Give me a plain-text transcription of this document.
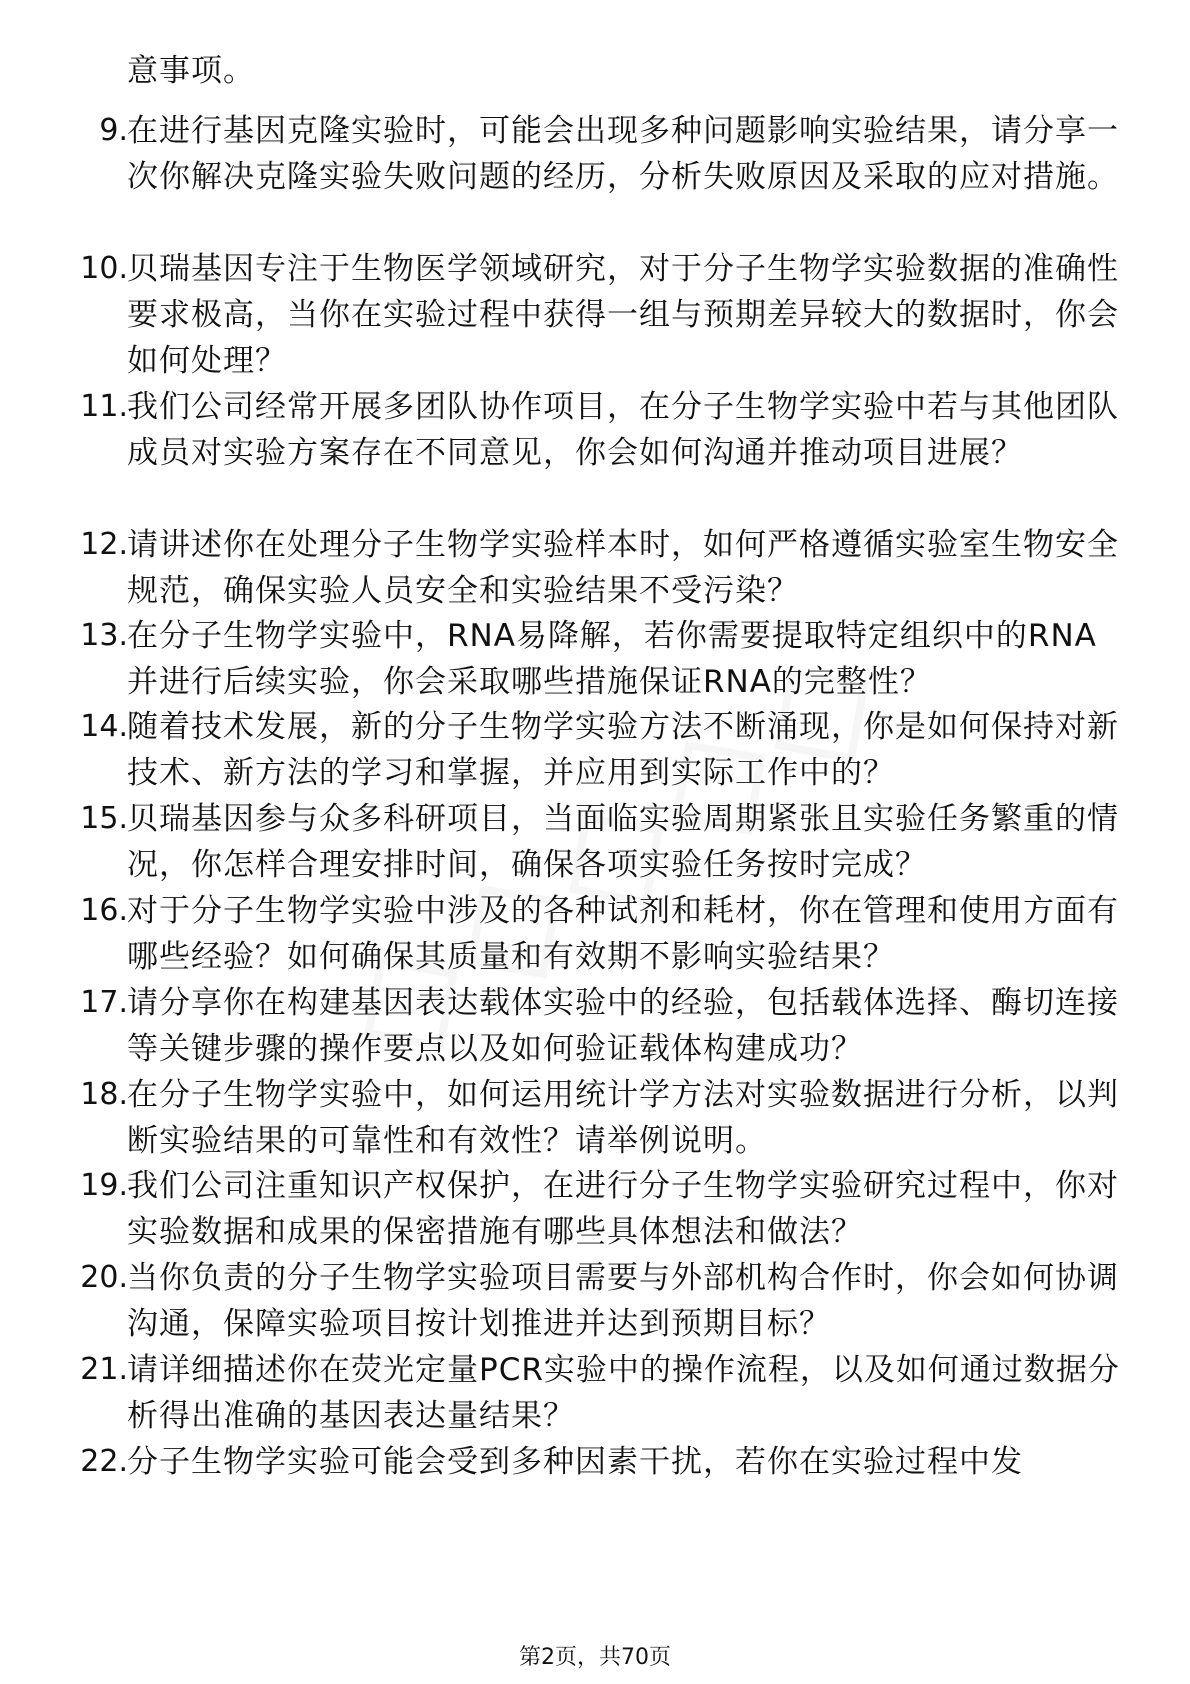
意事项。
9. 在进行基因克隆实验时，可能会出现多种问题影响实验结果，请分享一次你解决克隆实验失败问题的经历，分析失败原因及采取的应对措施。
10. 贝瑞基因专注于生物医学领域研究，对于分子生物学实验数据的准确性要求极高，当你在实验过程中获得一组与预期差异较大的数据时，你会如何处理？
11. 我们公司经常开展多团队协作项目，在分子生物学实验中若与其他团队成员对实验方案存在不同意见，你会如何沟通并推动项目进展？
12. 请讲述你在处理分子生物学实验样本时，如何严格遵循实验室生物安全规范，确保实验人员安全和实验结果不受污染？
13. 在分子生物学实验中，RNA易降解，若你需要提取特定组织中的RNA并进行后续实验，你会采取哪些措施保证RNA的完整性？
14. 随着技术发展，新的分子生物学实验方法不断涌现，你是如何保持对新技术、新方法的学习和掌握，并应用到实际工作中的？
15. 贝瑞基因参与众多科研项目，当面临实验周期紧张且实验任务繁重的情况，你怎样合理安排时间，确保各项实验任务按时完成？
16. 对于分子生物学实验中涉及的各种试剂和耗材，你在管理和使用方面有哪些经验？如何确保其质量和有效期不影响实验结果？
17. 请分享你在构建基因表达载体实验中的经验，包括载体选择、酶切连接等关键步骤的操作要点以及如何验证载体构建成功？
18. 在分子生物学实验中，如何运用统计学方法对实验数据进行分析，以判断实验结果的可靠性和有效性？请举例说明。
19. 我们公司注重知识产权保护，在进行分子生物学实验研究过程中，你对实验数据和成果的保密措施有哪些具体想法和做法？
20. 当你负责的分子生物学实验项目需要与外部机构合作时，你会如何协调沟通，保障实验项目按计划推进并达到预期目标？
21. 请详细描述你在荧光定量PCR实验中的操作流程，以及如何通过数据分析得出准确的基因表达量结果？
22. 分子生物学实验可能会受到多种因素干扰，若你在实验过程中发
第2页，共70页
